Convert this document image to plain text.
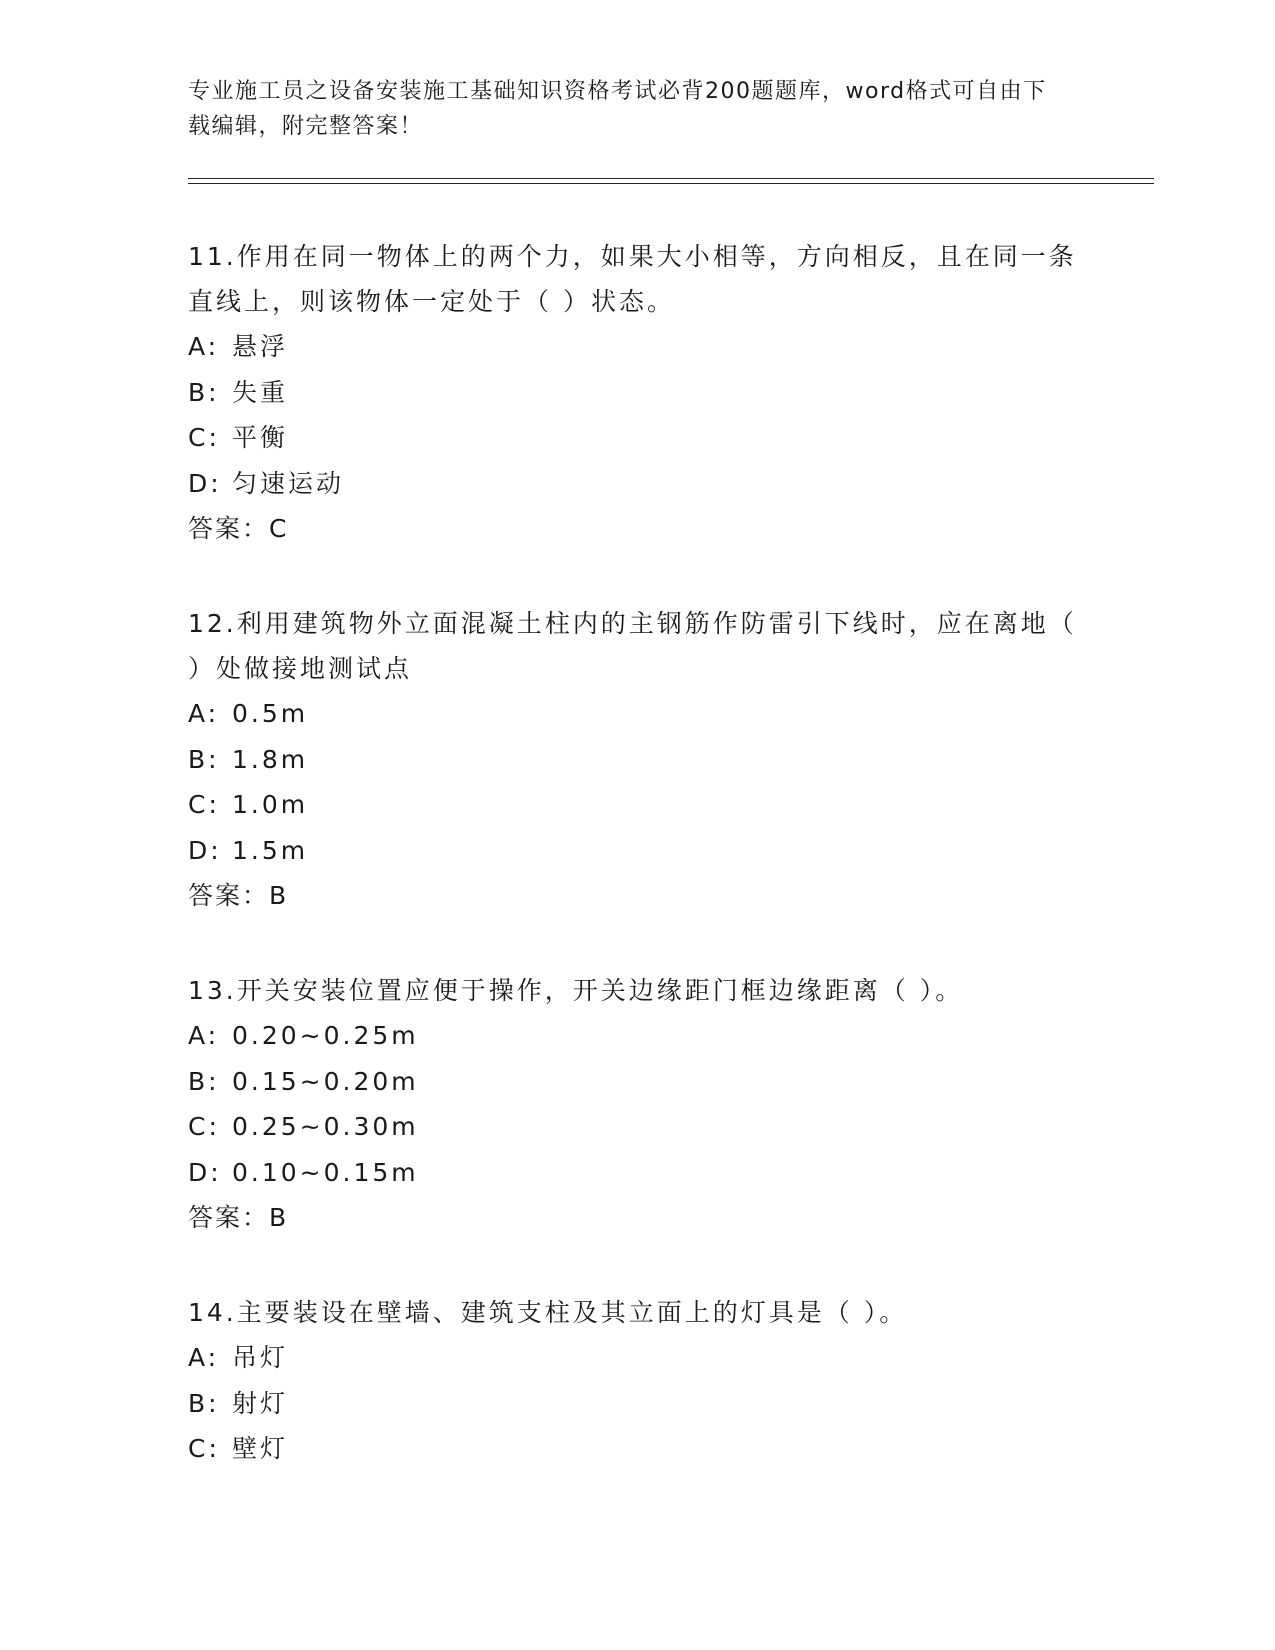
专业施工员之设备安装施工基础知识资格考试必背200题题库，word格式可自由下载编辑，附完整答案！
11.作用在同一物体上的两个力，如果大小相等，方向相反，且在同一条直线上，则该物体一定处于（ ）状态。
A: 悬浮
B: 失重
C: 平衡
D: 匀速运动
答案：C
12.利用建筑物外立面混凝土柱内的主钢筋作防雷引下线时，应在离地（ ）处做接地测试点
A: 0.5m
B: 1.8m
C: 1.0m
D: 1.5m
答案：B
13.开关安装位置应便于操作，开关边缘距门框边缘距离（ ）。
A: 0.20~0.25m
B: 0.15~0.20m
C: 0.25~0.30m
D: 0.10~0.15m
答案：B
14.主要装设在壁墙、建筑支柱及其立面上的灯具是（ ）。
A: 吊灯
B: 射灯
C: 壁灯
